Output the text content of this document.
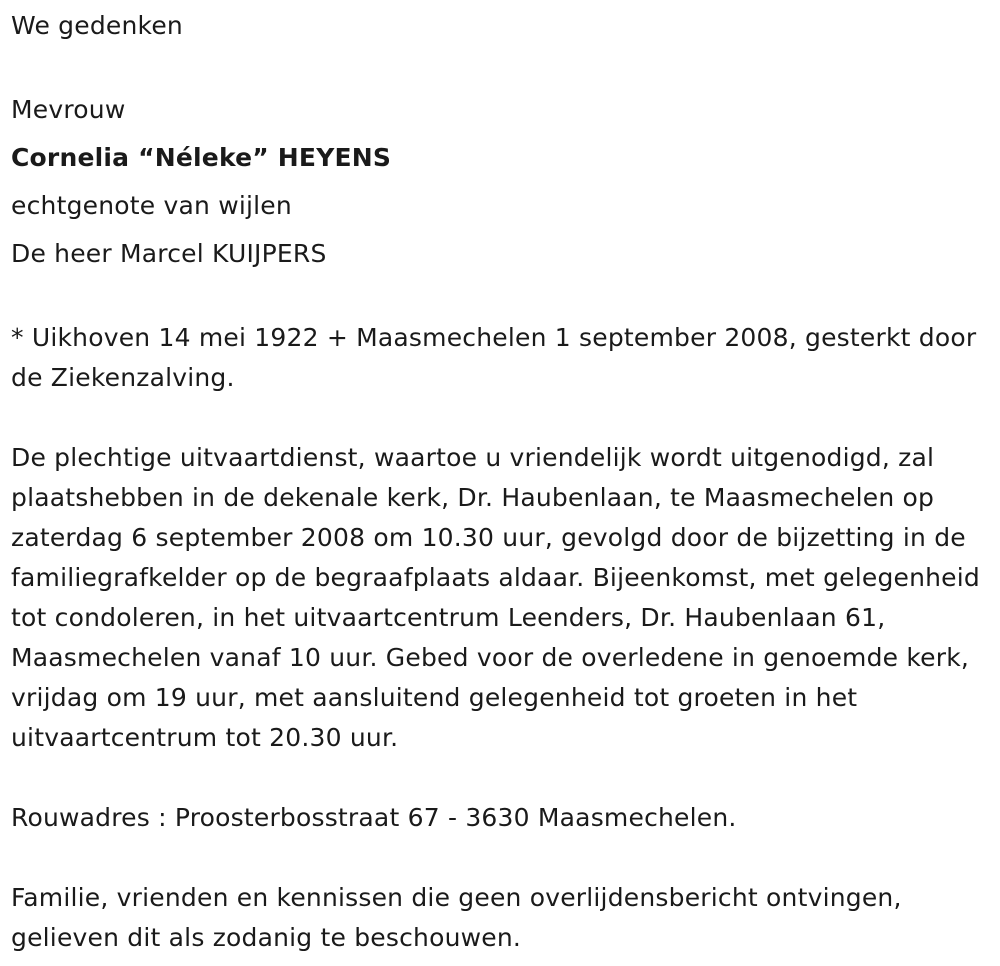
We gedenken

Mevrouw

Cornelia “Néleke” HEYENS

echtgenote van wijlen

De heer Marcel KUIJPERS

* Uikhoven 14 mei 1922 + Maasmechelen 1 september 2008, gesterkt door de Ziekenzalving.

De plechtige uitvaartdienst, waartoe u vriendelijk wordt uitgenodigd, zal plaatshebben in de dekenale kerk, Dr. Haubenlaan, te Maasmechelen op zaterdag 6 september 2008 om 10.30 uur, gevolgd door de bijzetting in de familiegrafkelder op de begraafplaats aldaar. Bijeenkomst, met gelegenheid tot condoleren, in het uitvaartcentrum Leenders, Dr. Haubenlaan 61, Maasmechelen vanaf 10 uur. Gebed voor de overledene in genoemde kerk, vrijdag om 19 uur, met aansluitend gelegenheid tot groeten in het uitvaartcentrum tot 20.30 uur.

Rouwadres : Proosterbosstraat 67 - 3630 Maasmechelen.

Familie, vrienden en kennissen die geen overlijdensbericht ontvingen, gelieven dit als zodanig te beschouwen.
